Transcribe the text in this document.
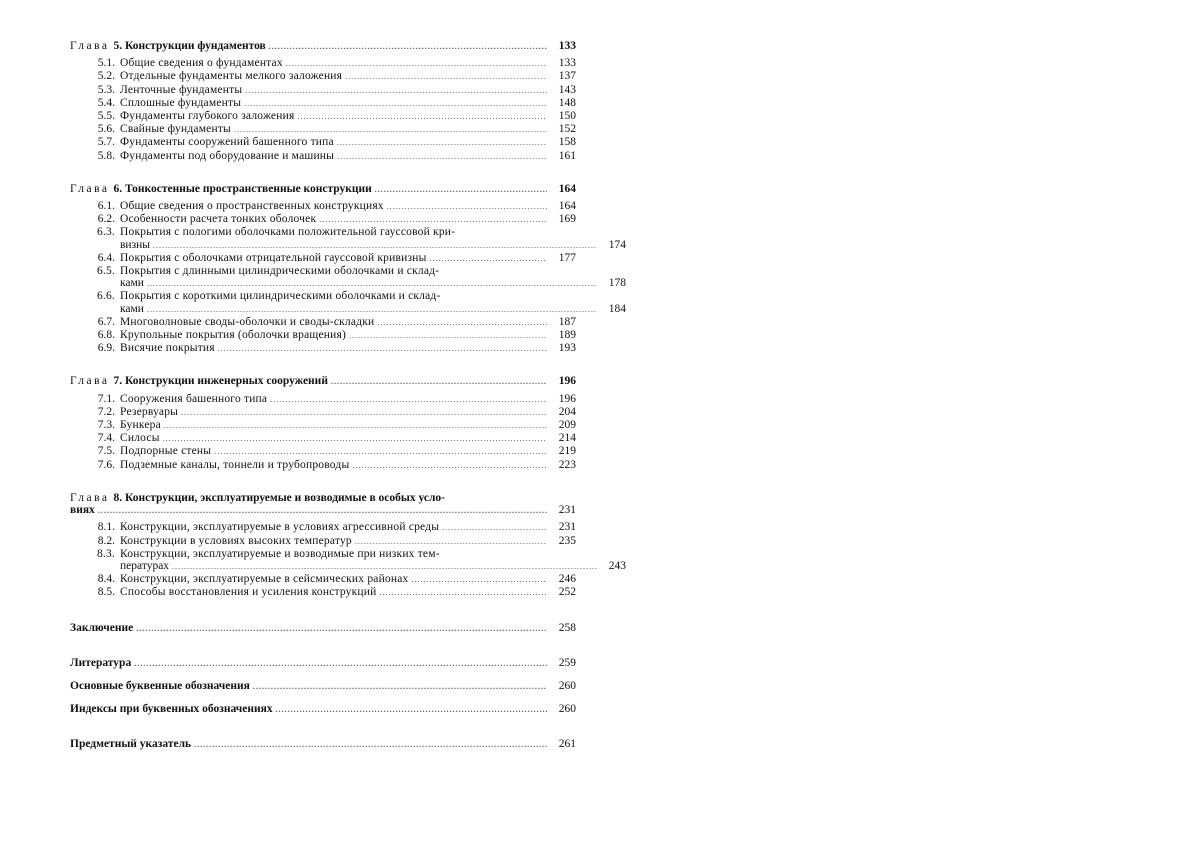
Глава 5. Конструкции фундаментов .....	133
5.1. Общие сведения о фундаментах .....	133
5.2. Отдельные фундаменты мелкого заложения .....	137
5.3. Ленточные фундаменты .....	143
5.4. Сплошные фундаменты .....	148
5.5. Фундаменты глубокого заложения .....	150
5.6. Свайные фундаменты .....	152
5.7. Фундаменты сооружений башенного типа .....	158
5.8. Фундаменты под оборудование и машины .....	161
Глава 6. Тонкостенные пространственные конструкции .....	164
6.1. Общие сведения о пространственных конструкциях .....	164
6.2. Особенности расчета тонких оболочек .....	169
6.3. Покрытия с пологими оболочками положительной гауссовой кри-
визны .....	174
6.4. Покрытия с оболочками отрицательной гауссовой кривизны .....	177
6.5. Покрытия с длинными цилиндрическими оболочками и склад-
ками .....	178
6.6. Покрытия с короткими цилиндрическими оболочками и склад-
ками .....	184
6.7. Многоволновые своды-оболочки и своды-складки .....	187
6.8. Крупольные покрытия (оболочки вращения) .....	189
6.9. Висячие покрытия .....	193
Глава 7. Конструкции инженерных сооружений .....	196
7.1. Сооружения башенного типа .....	196
7.2. Резервуары .....	204
7.3. Бункера .....	209
7.4. Силосы .....	214
7.5. Подпорные стены .....	219
7.6. Подземные каналы, тоннели и трубопроводы .....	223
Глава 8. Конструкции, эксплуатируемые и возводимые в особых усло-
виях .....	231
8.1. Конструкции, эксплуатируемые в условиях агрессивной среды .....	231
8.2. Конструкции в условиях высоких температур .....	235
8.3. Конструкции, эксплуатируемые и возводимые при низких тем-
пературах .....	243
8.4. Конструкции, эксплуатируемые в сейсмических районах .....	246
8.5. Способы восстановления и усиления конструкций .....	252
Заключение .....	258
Литература .....	259
Основные буквенные обозначения .....	260
Индексы при буквенных обозначениях .....	260
Предметный указатель .....	261
